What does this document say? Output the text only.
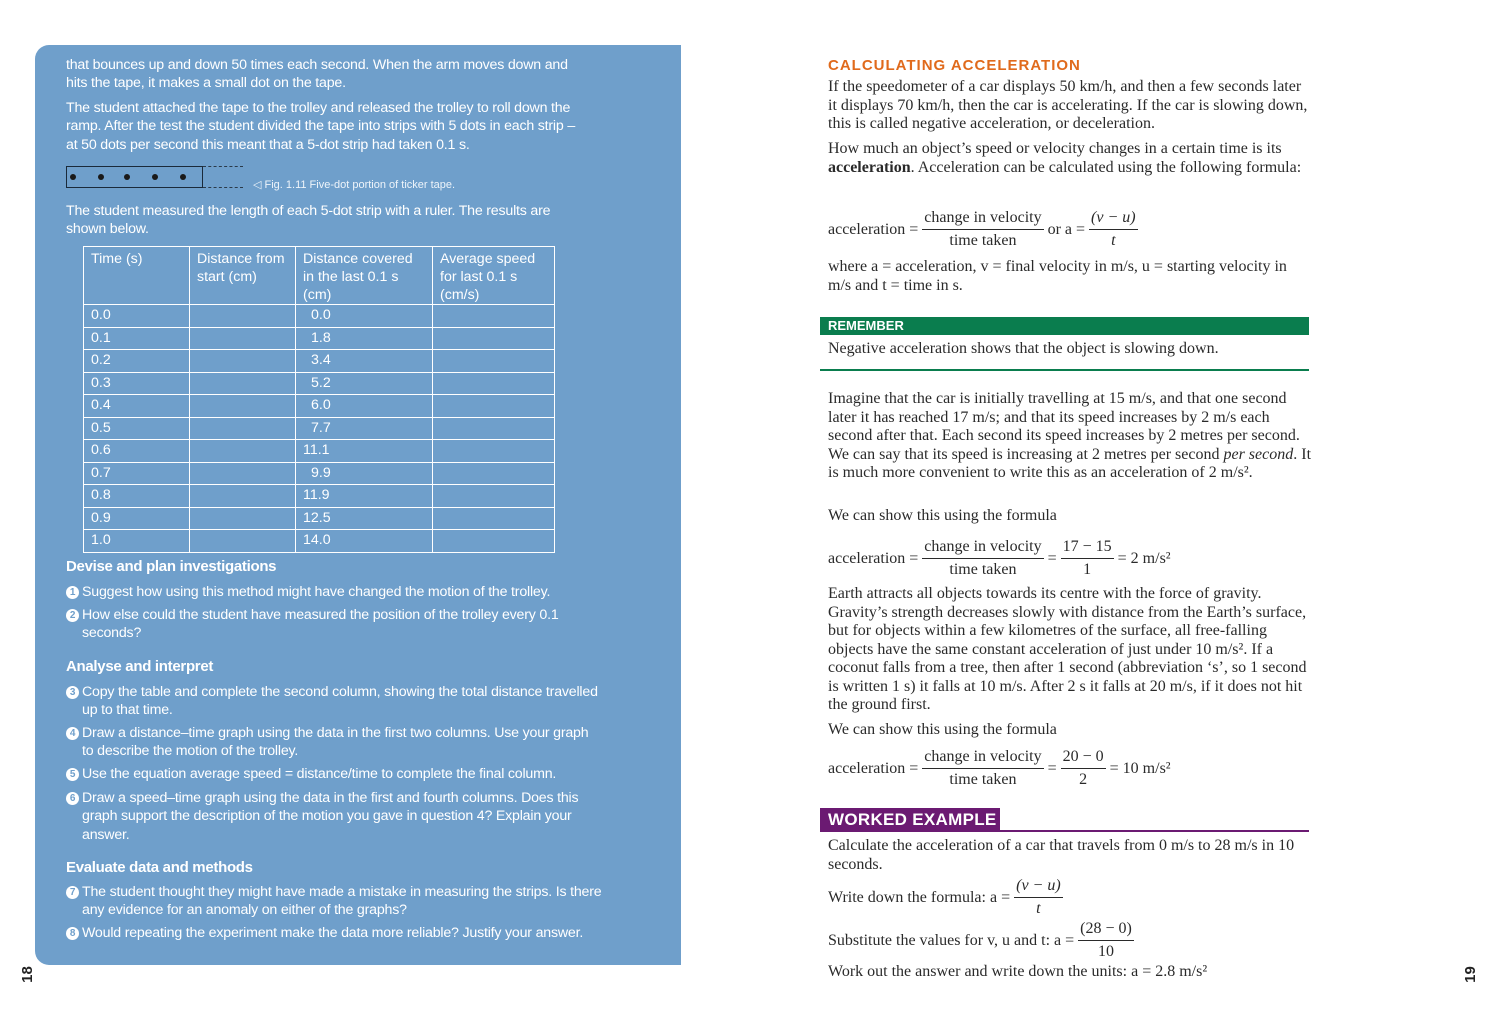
that bounces up and down 50 times each second. When the arm moves down and hits the tape, it makes a small dot on the tape.

The student attached the tape to the trolley and released the trolley to roll down the ramp. After the test the student divided the tape into strips with 5 dots in each strip – at 50 dots per second this meant that a 5-dot strip had taken 0.1 s.

◁ Fig. 1.11 Five-dot portion of ticker tape.

The student measured the length of each 5-dot strip with a ruler. The results are shown below.

Time (s)	Distance from start (cm)	Distance covered in the last 0.1 s (cm)	Average speed for last 0.1 s (cm/s)
0.0		0.0	
0.1		1.8	
0.2		3.4	
0.3		5.2	
0.4		6.0	
0.5		7.7	
0.6		11.1	
0.7		9.9	
0.8		11.9	
0.9		12.5	
1.0		14.0	
Devise and plan investigations

1 Suggest how using this method might have changed the motion of the trolley.

2 How else could the student have measured the position of the trolley every 0.1 seconds?

Analyse and interpret

3 Copy the table and complete the second column, showing the total distance travelled up to that time.

4 Draw a distance–time graph using the data in the first two columns. Use your graph to describe the motion of the trolley.

5 Use the equation average speed = distance/time to complete the final column.

6 Draw a speed–time graph using the data in the first and fourth columns. Does this graph support the description of the motion you gave in question 4? Explain your answer.

Evaluate data and methods

7 The student thought they might have made a mistake in measuring the strips. Is there any evidence for an anomaly on either of the graphs?

8 Would repeating the experiment make the data more reliable? Justify your answer.

18
CALCULATING ACCELERATION

If the speedometer of a car displays 50 km/h, and then a few seconds later it displays 70 km/h, then the car is accelerating. If the car is slowing down, this is called negative acceleration, or deceleration.

How much an object’s speed or velocity changes in a certain time is its acceleration. Acceleration can be calculated using the following formula:

acceleration = $\frac{\text{change in velocity}}{\text{time taken}}$ or $a = \frac{(v - u)}{t}$

where a = acceleration, v = final velocity in m/s, u = starting velocity in m/s and t = time in s.

REMEMBER

Negative acceleration shows that the object is slowing down.

Imagine that the car is initially travelling at 15 m/s, and that one second later it has reached 17 m/s; and that its speed increases by 2 m/s each second after that. Each second its speed increases by 2 metres per second. We can say that its speed is increasing at 2 metres per second per second. It is much more convenient to write this as an acceleration of 2 m/s².

We can show this using the formula

acceleration = $\frac{\text{change in velocity}}{\text{time taken}} = \frac{17 - 15}{1} = 2$ m/s²

Earth attracts all objects towards its centre with the force of gravity. Gravity’s strength decreases slowly with distance from the Earth’s surface, but for objects within a few kilometres of the surface, all free-falling objects have the same constant acceleration of just under 10 m/s². If a coconut falls from a tree, then after 1 second (abbreviation ‘s’, so 1 second is written 1 s) it falls at 10 m/s. After 2 s it falls at 20 m/s, if it does not hit the ground first.

We can show this using the formula

acceleration = $\frac{\text{change in velocity}}{\text{time taken}} = \frac{20 - 0}{2} = 10$ m/s²
WORKED EXAMPLE

Calculate the acceleration of a car that travels from 0 m/s to 28 m/s in 10 seconds.

Write down the formula: $a = \frac{(v - u)}{t}$
Substitute the values for v, u and t: $a = \frac{(28 - 0)}{10}$

Work out the answer and write down the units: a = 2.8 m/s²	19
